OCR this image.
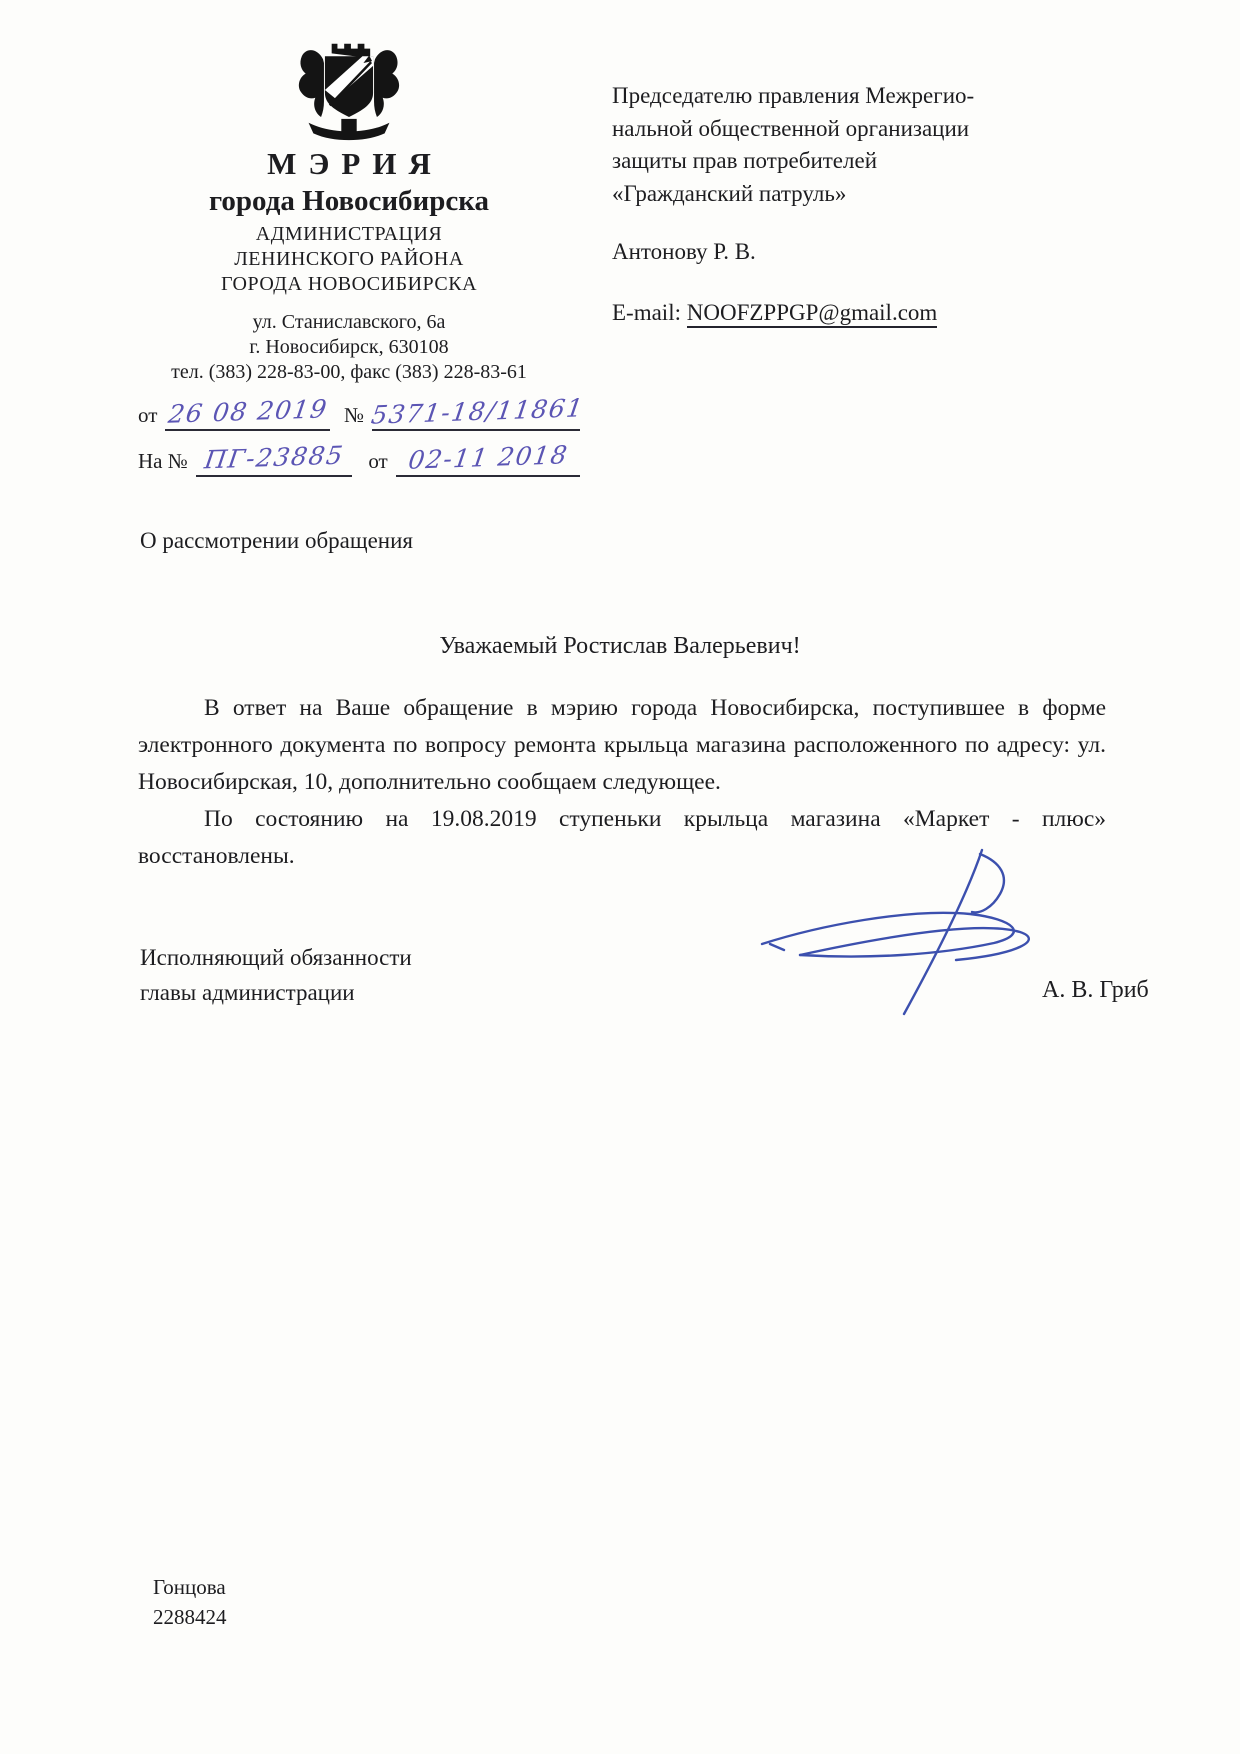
МЭРИЯ
города Новосибирска
АДМИНИСТРАЦИЯ
ЛЕНИНСКОГО РАЙОНА
ГОРОДА НОВОСИБИРСКА
ул. Станиславского, 6а
г. Новосибирск, 630108
тел. (383) 228-83-00, факс (383) 228-83-61
от 26 08 2019 № 5371-18/11861
На № ПГ-23885	от 02-11 2018
Председателю правления Межрегио-
нальной общественной организации
защиты прав потребителей
«Гражданский патруль»
Антонову Р. В.
E-mail: NOOFZPPGP@gmail.com
О рассмотрении обращения
Уважаемый Ростислав Валерьевич!

В ответ на Ваше обращение в мэрию города Новосибирска, поступившее в форме электронного документа по вопросу ремонта крыльца магазина расположенного по адресу: ул. Новосибирская, 10, дополнительно сообщаем следующее.

По состоянию на 19.08.2019 ступеньки крыльца магазина «Маркет - плюс» восстановлены.

Исполняющий обязанности
главы администрации	А. В. Гриб
Гонцова
2288424
